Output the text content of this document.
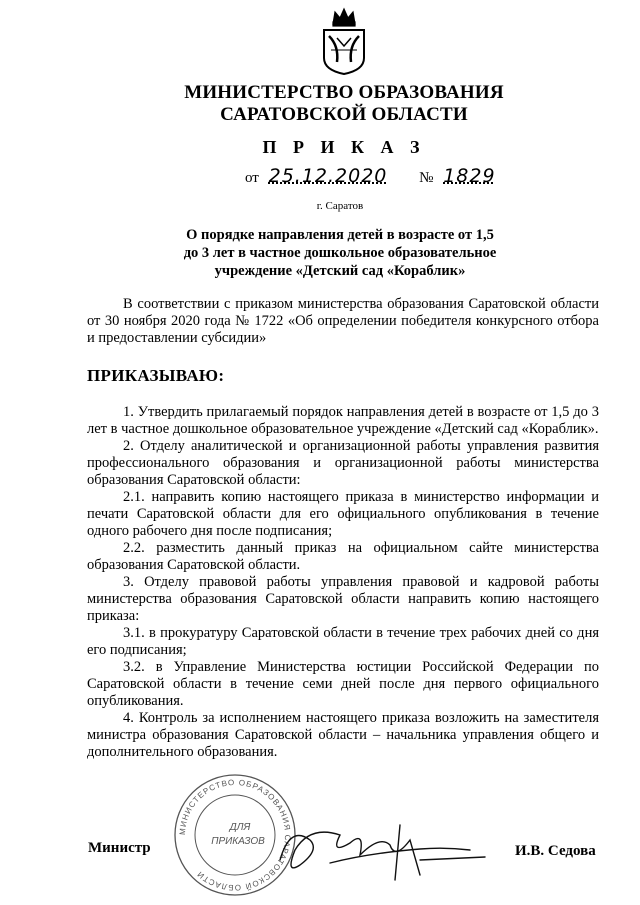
МИНИСТЕРСТВО ОБРАЗОВАНИЯ
САРАТОВСКОЙ ОБЛАСТИ
П Р И К А З
от 25.12.2020 № 1829
г. Саратов
О порядке направления детей в возрасте от 1,5
до 3 лет в частное дошкольное образовательное
учреждение «Детский сад «Кораблик»
В соответствии с приказом министерства образования Саратовской области от 30 ноября 2020 года № 1722 «Об определении победителя конкурсного отбора и предоставлении субсидии»
ПРИКАЗЫВАЮ:

1. Утвердить прилагаемый порядок направления детей в возрасте от 1,5 до 3 лет в частное дошкольное образовательное учреждение «Детский сад «Кораблик».

2. Отделу аналитической и организационной работы управления развития профессионального образования и организационной работы министерства образования Саратовской области:

2.1. направить копию настоящего приказа в министерство информации и печати Саратовской области для его официального опубликования в течение одного рабочего дня после подписания;

2.2. разместить данный приказ на официальном сайте министерства образования Саратовской области.

3. Отделу правовой работы управления правовой и кадровой работы министерства образования Саратовской области направить копию настоящего приказа:

3.1. в прокуратуру Саратовской области в течение трех рабочих дней со дня его подписания;

3.2. в Управление Министерства юстиции Российской Федерации по Саратовской области в течение семи дней после дня первого официального опубликования.

4. Контроль за исполнением настоящего приказа возложить на заместителя министра образования Саратовской области – начальника управления общего и дополнительного образования.

МИНИСТЕРСТВО ОБРАЗОВАНИЯ САРАТОВСКОЙ ОБЛАСТИ
ДЛЯ
ПРИКАЗОВ
Министр	И.В. Седова
